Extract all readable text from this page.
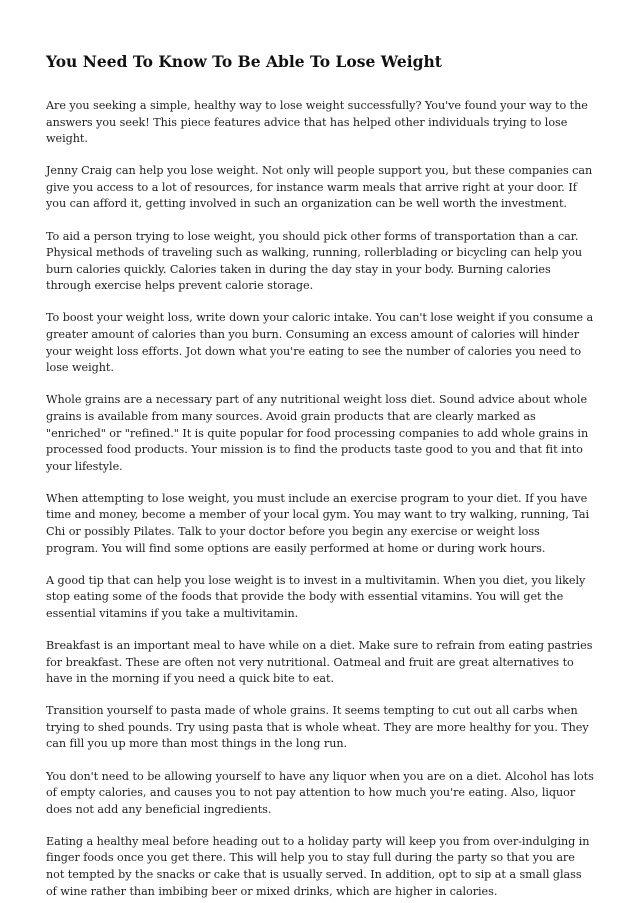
You Need To Know To Be Able To Lose Weight

Are you seeking a simple, healthy way to lose weight successfully? You've found your way to the answers you seek! This piece features advice that has helped other individuals trying to lose weight.

Jenny Craig can help you lose weight. Not only will people support you, but these companies can give you access to a lot of resources, for instance warm meals that arrive right at your door. If you can afford it, getting involved in such an organization can be well worth the investment.

To aid a person trying to lose weight, you should pick other forms of transportation than a car. Physical methods of traveling such as walking, running, rollerblading or bicycling can help you burn calories quickly. Calories taken in during the day stay in your body. Burning calories through exercise helps prevent calorie storage.

To boost your weight loss, write down your caloric intake. You can't lose weight if you consume a greater amount of calories than you burn. Consuming an excess amount of calories will hinder your weight loss efforts. Jot down what you're eating to see the number of calories you need to lose weight.

Whole grains are a necessary part of any nutritional weight loss diet. Sound advice about whole grains is available from many sources. Avoid grain products that are clearly marked as "enriched" or "refined." It is quite popular for food processing companies to add whole grains in processed food products. Your mission is to find the products taste good to you and that fit into your lifestyle.

When attempting to lose weight, you must include an exercise program to your diet. If you have time and money, become a member of your local gym. You may want to try walking, running, Tai Chi or possibly Pilates. Talk to your doctor before you begin any exercise or weight loss program. You will find some options are easily performed at home or during work hours.

A good tip that can help you lose weight is to invest in a multivitamin. When you diet, you likely stop eating some of the foods that provide the body with essential vitamins. You will get the essential vitamins if you take a multivitamin.

Breakfast is an important meal to have while on a diet. Make sure to refrain from eating pastries for breakfast. These are often not very nutritional. Oatmeal and fruit are great alternatives to have in the morning if you need a quick bite to eat.

Transition yourself to pasta made of whole grains. It seems tempting to cut out all carbs when trying to shed pounds. Try using pasta that is whole wheat. They are more healthy for you. They can fill you up more than most things in the long run.

You don't need to be allowing yourself to have any liquor when you are on a diet. Alcohol has lots of empty calories, and causes you to not pay attention to how much you're eating. Also, liquor does not add any beneficial ingredients.

Eating a healthy meal before heading out to a holiday party will keep you from over-indulging in finger foods once you get there. This will help you to stay full during the party so that you are not tempted by the snacks or cake that is usually served. In addition, opt to sip at a small glass of wine rather than imbibing beer or mixed drinks, which are higher in calories.
